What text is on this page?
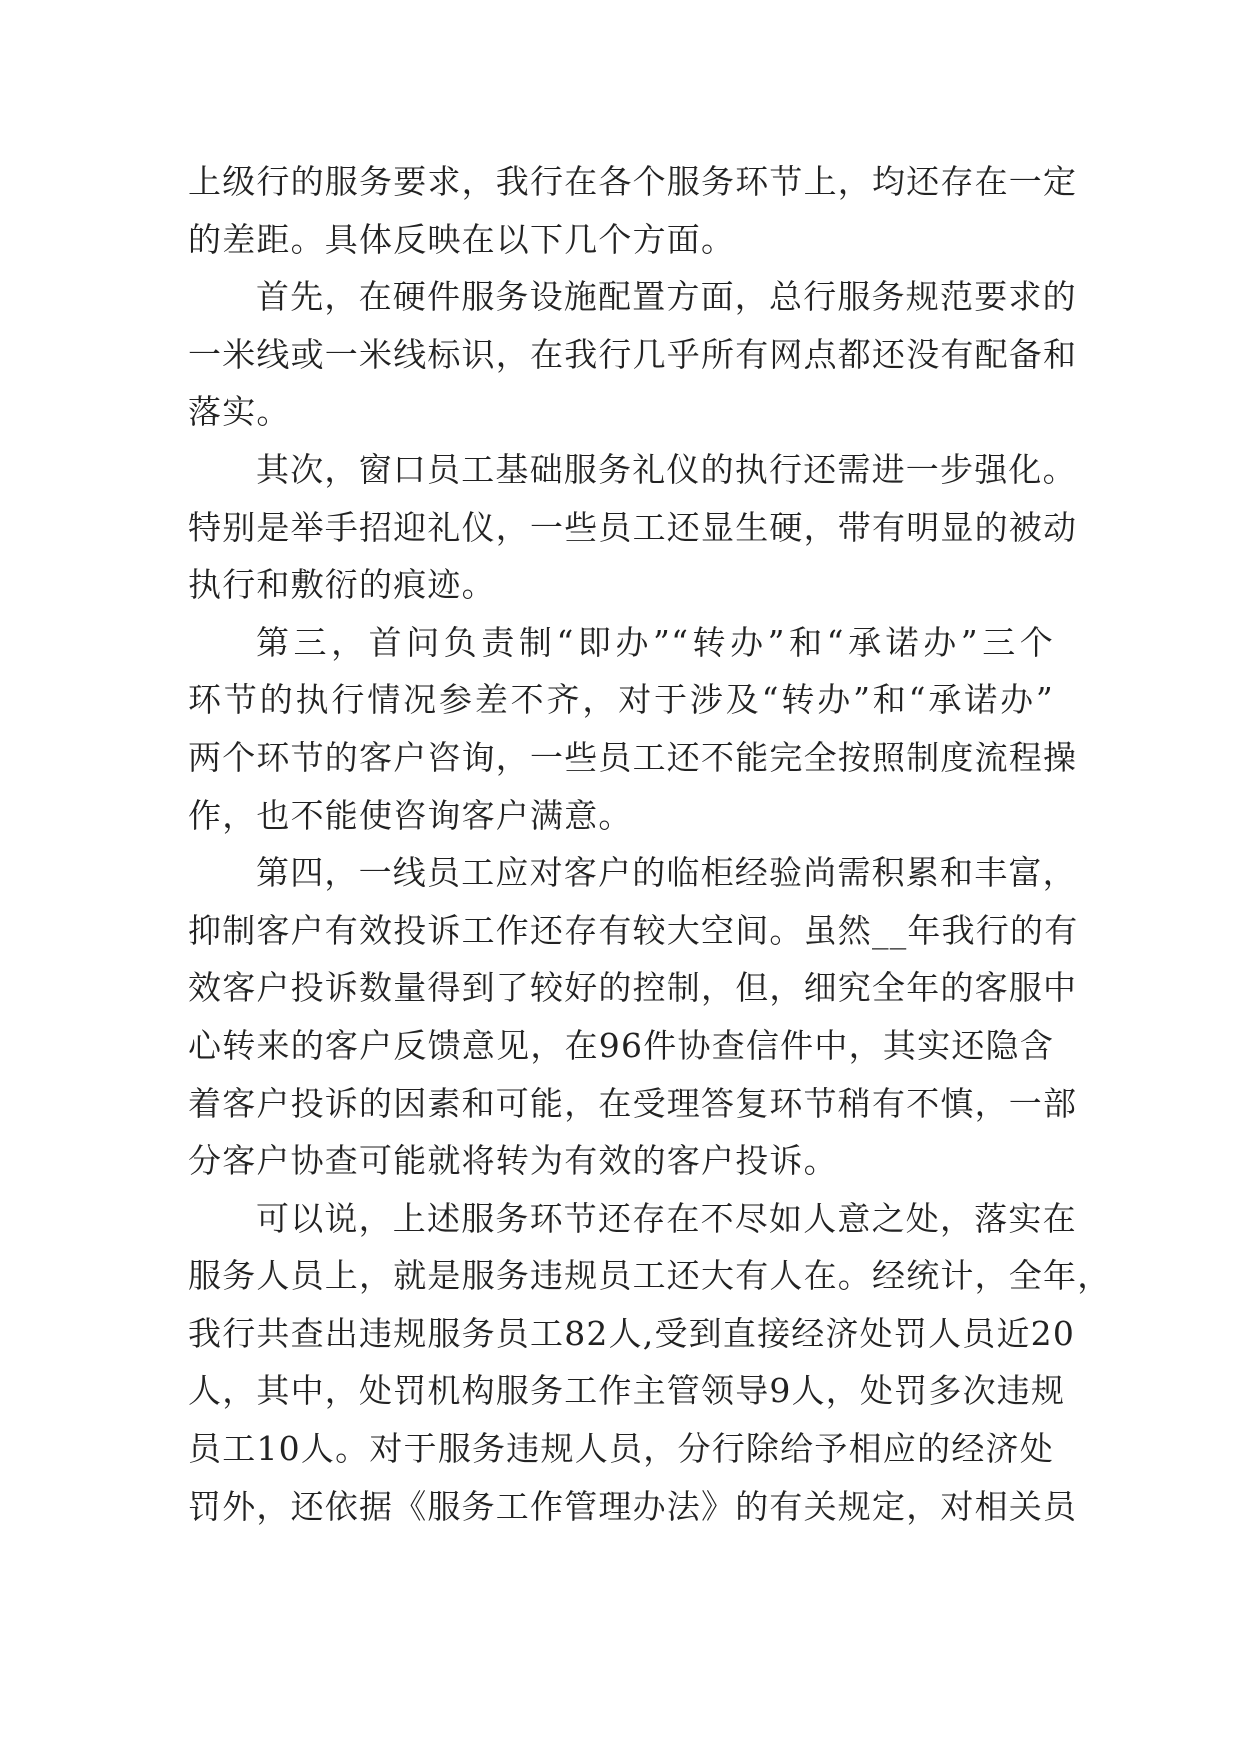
上级行的服务要求，我行在各个服务环节上，均还存在一定
的差距。具体反映在以下几个方面。
首先，在硬件服务设施配置方面，总行服务规范要求的
一米线或一米线标识，在我行几乎所有网点都还没有配备和
落实。
其次，窗口员工基础服务礼仪的执行还需进一步强化。
特别是举手招迎礼仪，一些员工还显生硬，带有明显的被动
执行和敷衍的痕迹。
第三，首问负责制“即办”“转办”和“承诺办”三个
环节的执行情况参差不齐，对于涉及“转办”和“承诺办”
两个环节的客户咨询，一些员工还不能完全按照制度流程操
作，也不能使咨询客户满意。
第四，一线员工应对客户的临柜经验尚需积累和丰富，
抑制客户有效投诉工作还存有较大空间。虽然__年我行的有
效客户投诉数量得到了较好的控制，但，细究全年的客服中
心转来的客户反馈意见，在96件协查信件中，其实还隐含
着客户投诉的因素和可能，在受理答复环节稍有不慎，一部
分客户协查可能就将转为有效的客户投诉。
可以说，上述服务环节还存在不尽如人意之处，落实在
服务人员上，就是服务违规员工还大有人在。经统计，全年，
我行共查出违规服务员工82人,受到直接经济处罚人员近20
人，其中，处罚机构服务工作主管领导9人，处罚多次违规
员工10人。对于服务违规人员，分行除给予相应的经济处
罚外，还依据《服务工作管理办法》的有关规定，对相关员
